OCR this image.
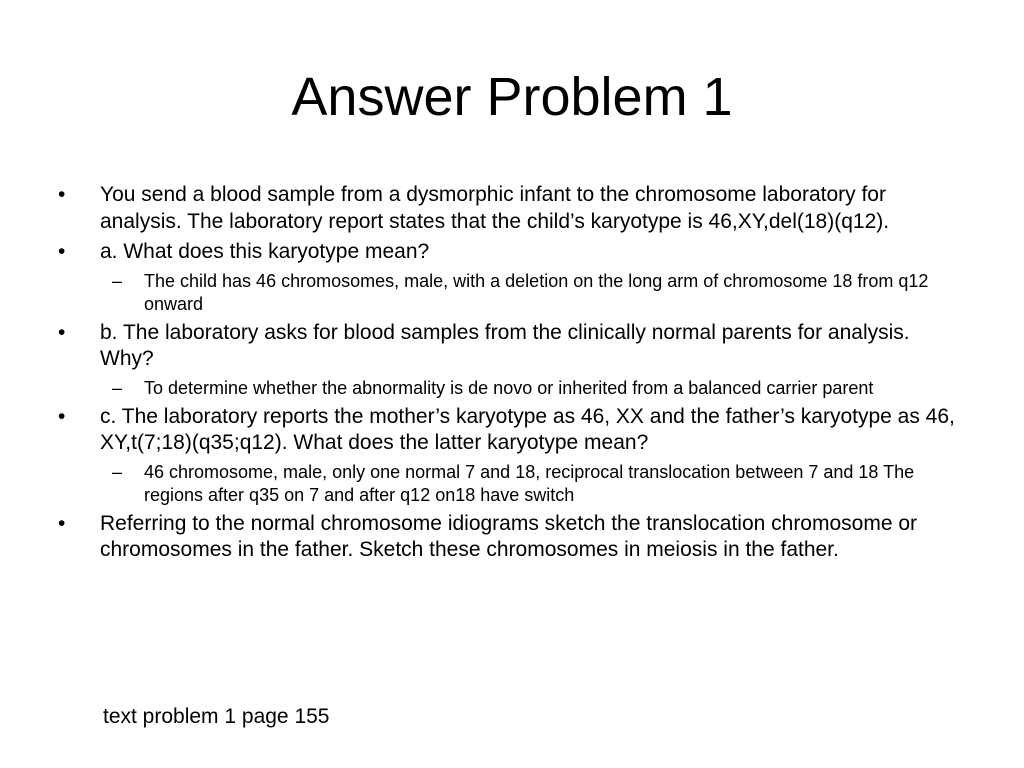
Answer Problem 1
• You send a blood sample from a dysmorphic infant to the chromosome laboratory for analysis. The laboratory report states that the child’s karyotype is 46,XY,del(18)(q12).
• a. What does this karyotype mean?
– The child has 46 chromosomes, male, with a deletion on the long arm of chromosome 18 from q12 onward
• b. The laboratory asks for blood samples from the clinically normal parents for analysis. Why?
– To determine whether the abnormality is de novo or inherited from a balanced carrier parent
• c. The laboratory reports the mother’s karyotype as 46, XX and the father’s karyotype as 46, XY,t(7;18)(q35;q12). What does the latter karyotype mean?
– 46 chromosome, male, only one normal 7 and 18, reciprocal translocation between 7 and 18 The regions after q35 on 7 and after q12 on18 have switch
• Referring to the normal chromosome idiograms sketch the translocation chromosome or chromosomes in the father. Sketch these chromosomes in meiosis in the father.
text problem 1 page 155
